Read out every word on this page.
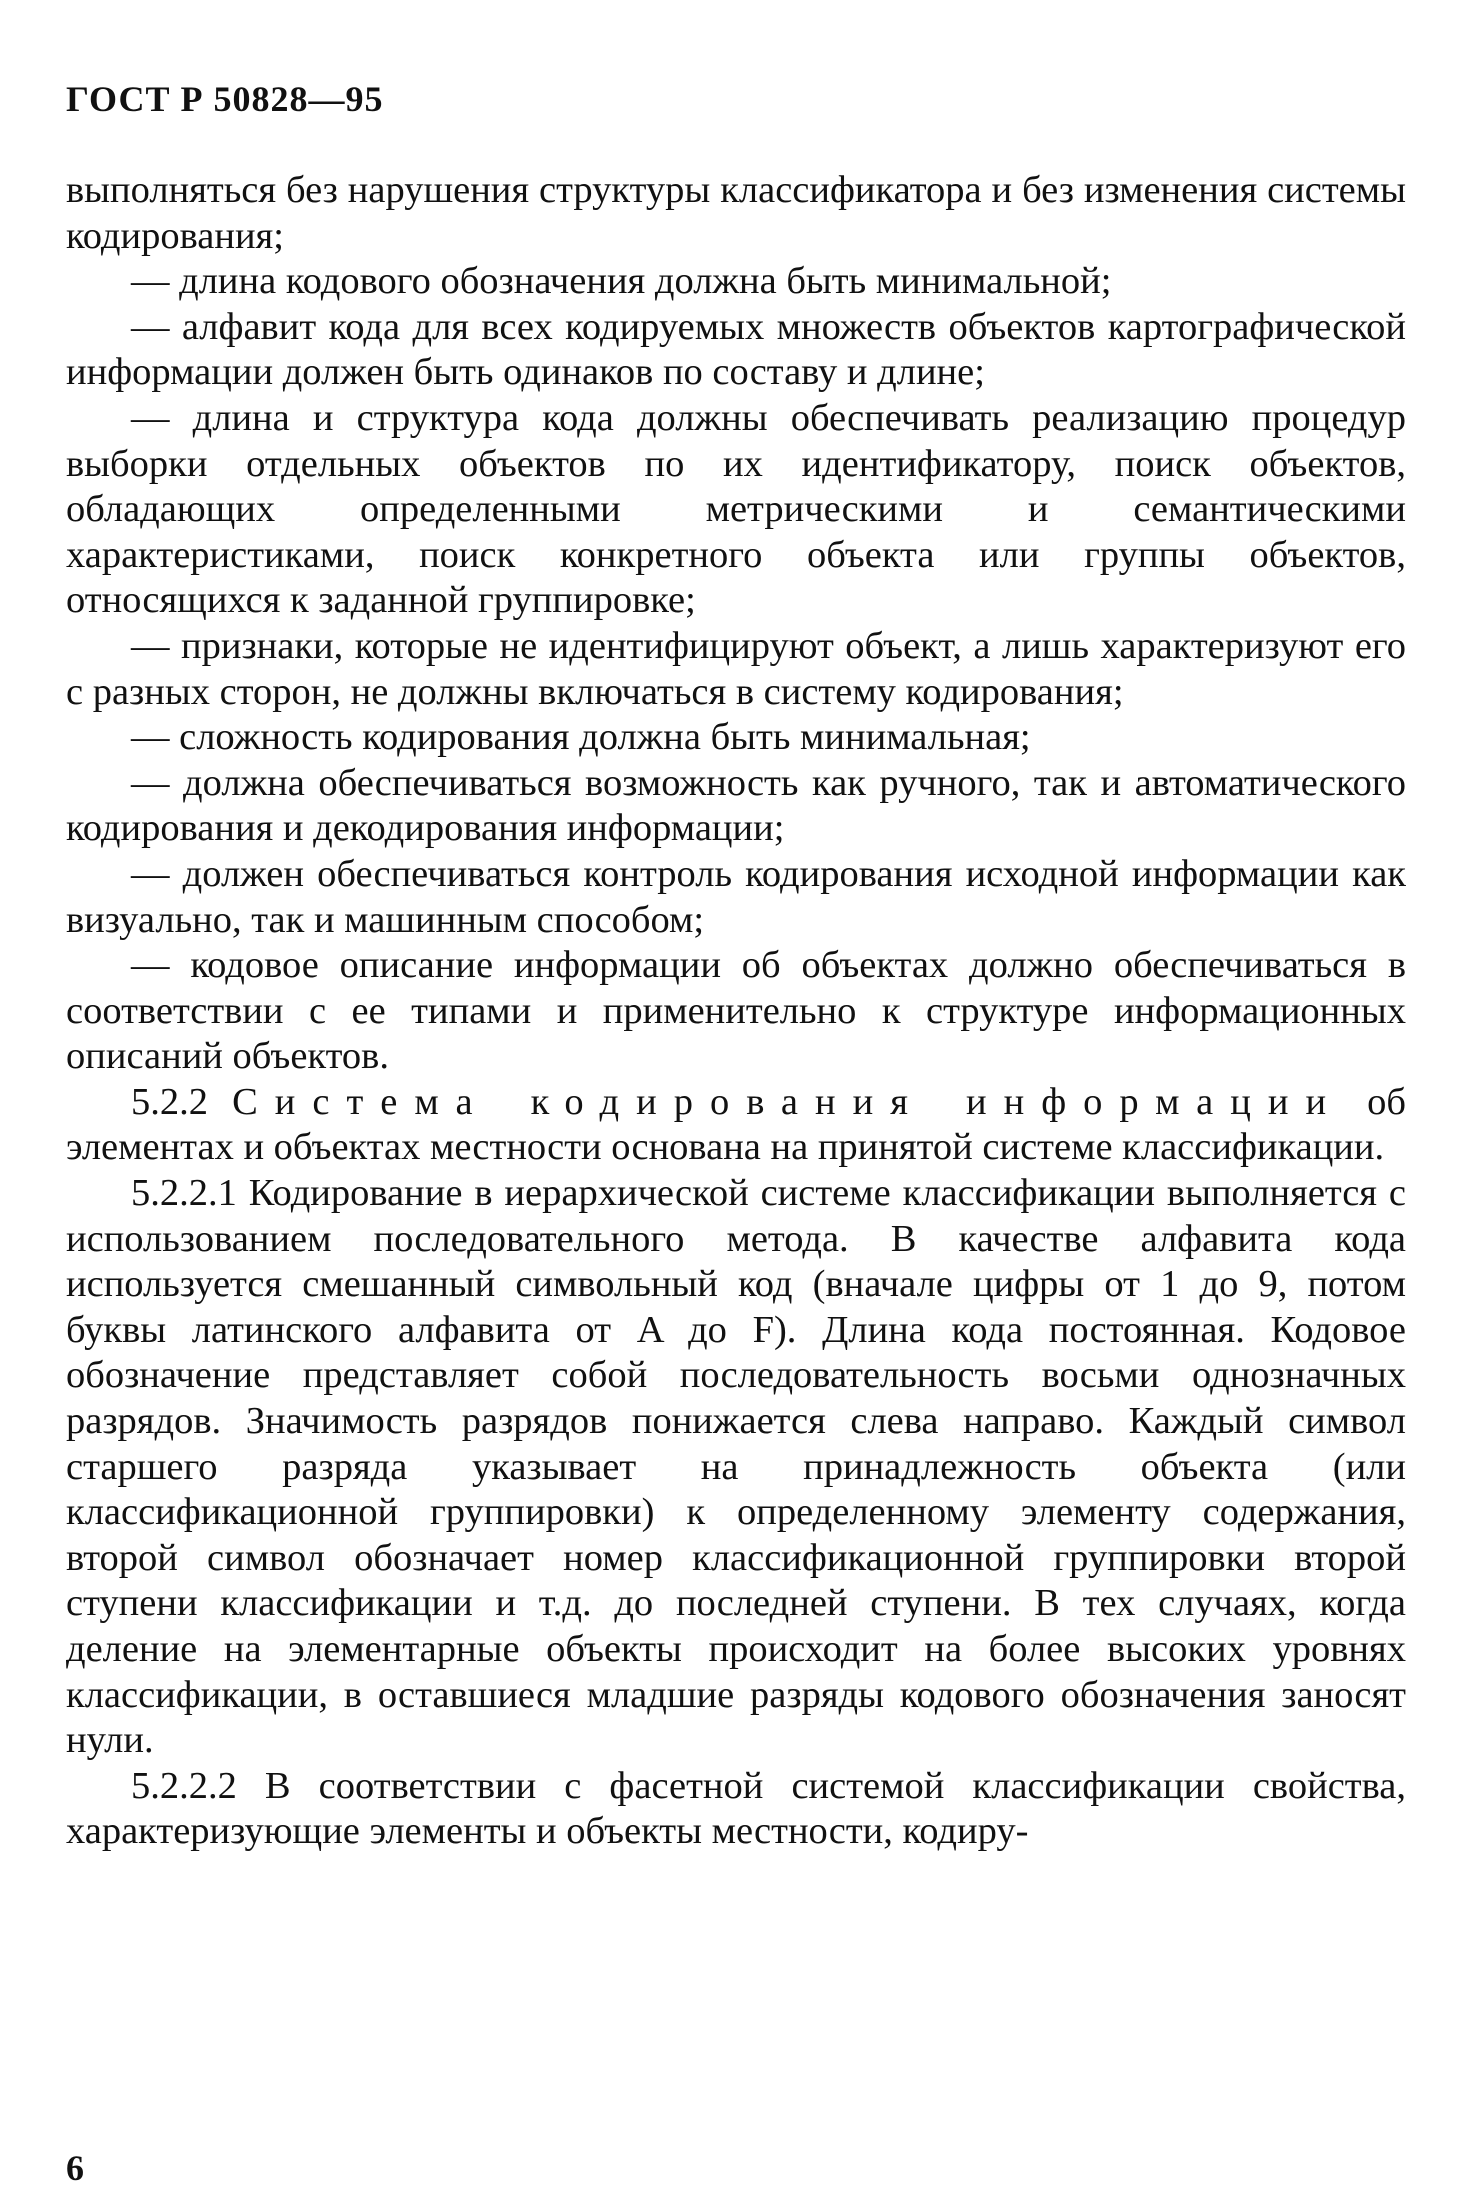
ГОСТ Р 50828—95

выполняться без нарушения структуры классификатора и без изменения системы кодирования;

— длина кодового обозначения должна быть минимальной;

— алфавит кода для всех кодируемых множеств объектов картографической информации должен быть одинаков по составу и длине;

— длина и структура кода должны обеспечивать реализацию процедур выборки отдельных объектов по их идентификатору, поиск объектов, обладающих определенными метрическими и семантическими характеристиками, поиск конкретного объекта или группы объектов, относящихся к заданной группировке;

— признаки, которые не идентифицируют объект, а лишь характеризуют его с разных сторон, не должны включаться в систему кодирования;

— сложность кодирования должна быть минимальная;

— должна обеспечиваться возможность как ручного, так и автоматического кодирования и декодирования информации;

— должен обеспечиваться контроль кодирования исходной информации как визуально, так и машинным способом;

— кодовое описание информации об объектах должно обеспечиваться в соответствии с ее типами и применительно к структуре информационных описаний объектов.

5.2.2 Система кодирования информации об элементах и объектах местности основана на принятой системе классификации.

5.2.2.1 Кодирование в иерархической системе классификации выполняется с использованием последовательного метода. В качестве алфавита кода используется смешанный символьный код (вначале цифры от 1 до 9, потом буквы латинского алфавита от A до F). Длина кода постоянная. Кодовое обозначение представляет собой последовательность восьми однозначных разрядов. Значимость разрядов понижается слева направо. Каждый символ старшего разряда указывает на принадлежность объекта (или классификационной группировки) к определенному элементу содержания, второй символ обозначает номер классификационной группировки второй ступени классификации и т.д. до последней ступени. В тех случаях, когда деление на элементарные объекты происходит на более высоких уровнях классификации, в оставшиеся младшие разряды кодового обозначения заносят нули.

5.2.2.2 В соответствии с фасетной системой классификации свойства, характеризующие элементы и объекты местности, кодиру-

6
